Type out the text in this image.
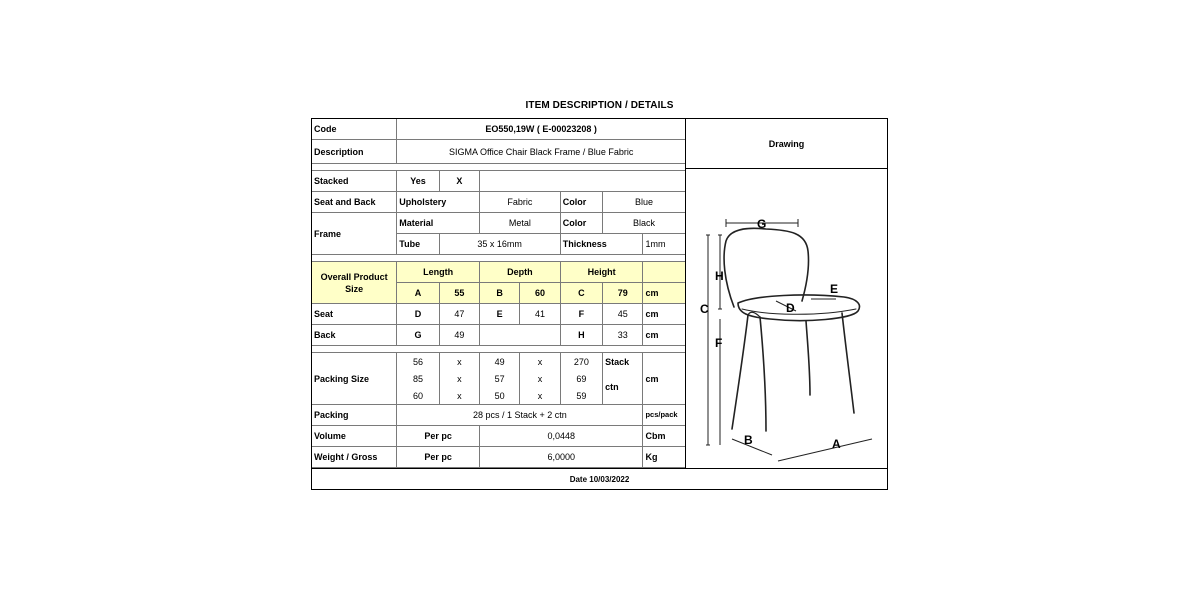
ITEM DESCRIPTION / DETAILS
Code	EO550,19W ( E-00023208 )						
Description	SIGMA Office Chair Black Frame / Blue Fabric						

Stacked	Yes	X					
Seat and Back	Upholstery		Fabric		Color	Blue	
Frame	Material		Metal		Color	Black	
	Tube	35 x 16mm			Thickness		1mm

Overall Product Size	Length		Depth		Height		
	A	55	B	60	C	79	cm
Seat	D	47	E	41	F	45	cm
Back	G	49			H	33	cm

Packing Size	56	x	49	x	270	Stack	cm
	85	x	57	x	69	ctn	
	60	x	50	x	59		
Packing	28 pcs / 1 Stack + 2 ctn						pcs/pack
Volume	Per pc		0,0448				Cbm
Weight / Gross	Per pc		6,0000				Kg
Drawing
G
H
C
E
D
F
B	A
Date 10/03/2022
